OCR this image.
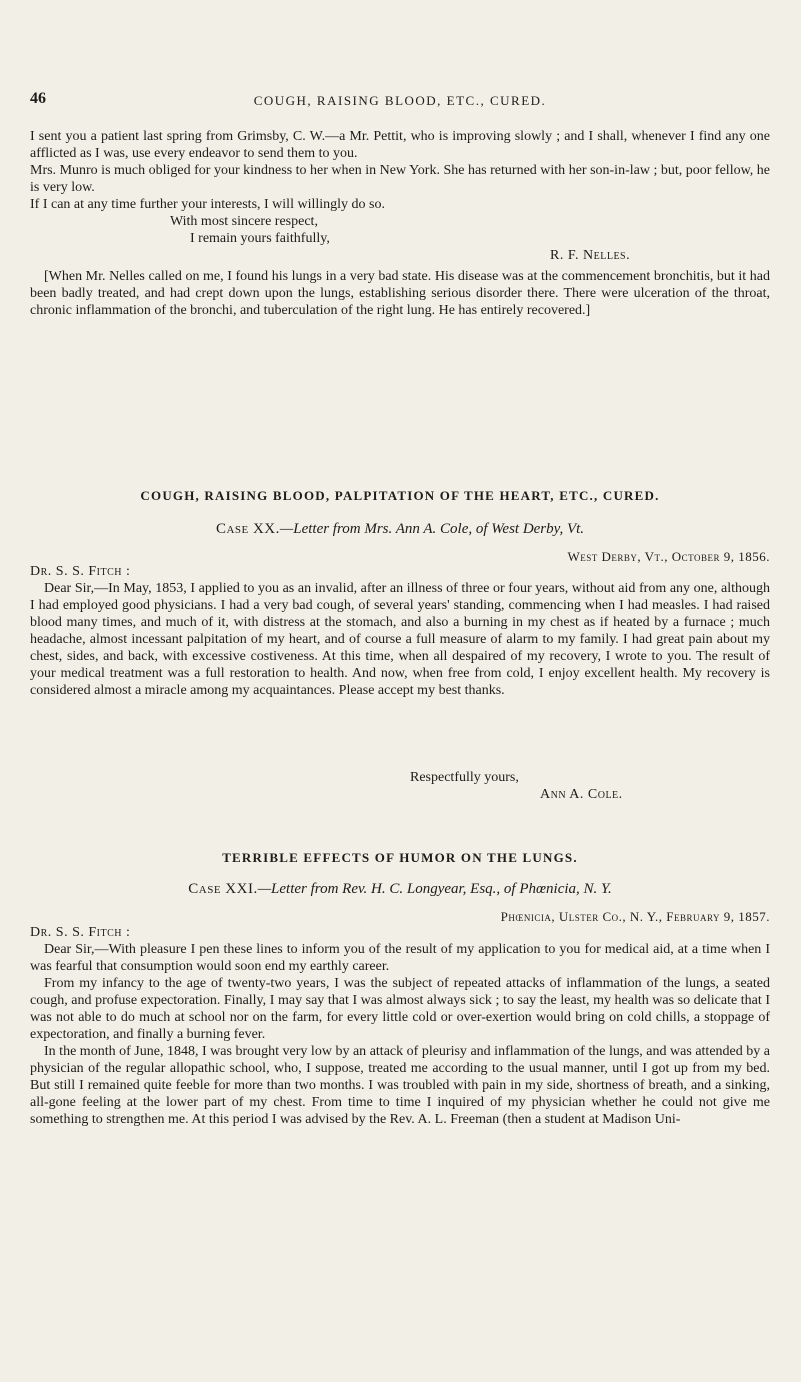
46	COUGH, RAISING BLOOD, ETC., CURED.

I sent you a patient last spring from Grimsby, C. W.—a Mr. Pettit, who is improving slowly ; and I shall, whenever I find any one afflicted as I was, use every endeavor to send them to you.

Mrs. Munro is much obliged for your kindness to her when in New York. She has returned with her son-in-law ; but, poor fellow, he is very low.

If I can at any time further your interests, I will willingly do so.

With most sincere respect,

I remain yours faithfully,

R. F. Nelles.

[When Mr. Nelles called on me, I found his lungs in a very bad state. His disease was at the commencement bronchitis, but it had been badly treated, and had crept down upon the lungs, establishing serious disorder there. There were ulceration of the throat, chronic inflammation of the bronchi, and tuberculation of the right lung. He has entirely recovered.]

COUGH, RAISING BLOOD, PALPITATION OF THE HEART, ETC., CURED.

Case XX.—Letter from Mrs. Ann A. Cole, of West Derby, Vt.

West Derby, Vt., October 9, 1856.

Dr. S. S. Fitch :

Dear Sir,—In May, 1853, I applied to you as an invalid, after an illness of three or four years, without aid from any one, although I had employed good physicians. I had a very bad cough, of several years' standing, commencing when I had measles. I had raised blood many times, and much of it, with distress at the stomach, and also a burning in my chest as if heated by a furnace ; much headache, almost incessant palpitation of my heart, and of course a full measure of alarm to my family. I had great pain about my chest, sides, and back, with excessive costiveness. At this time, when all despaired of my recovery, I wrote to you. The result of your medical treatment was a full restoration to health. And now, when free from cold, I enjoy excellent health. My recovery is considered almost a miracle among my acquaintances. Please accept my best thanks.

Respectfully yours,

Ann A. Cole.

TERRIBLE EFFECTS OF HUMOR ON THE LUNGS.

Case XXI.—Letter from Rev. H. C. Longyear, Esq., of Phœnicia, N. Y.

Phœnicia, Ulster Co., N. Y., February 9, 1857.

Dr. S. S. Fitch :

Dear Sir,—With pleasure I pen these lines to inform you of the result of my application to you for medical aid, at a time when I was fearful that consumption would soon end my earthly career.

From my infancy to the age of twenty-two years, I was the subject of repeated attacks of inflammation of the lungs, a seated cough, and profuse expectoration. Finally, I may say that I was almost always sick ; to say the least, my health was so delicate that I was not able to do much at school nor on the farm, for every little cold or over-exertion would bring on cold chills, a stoppage of expectoration, and finally a burning fever.

In the month of June, 1848, I was brought very low by an attack of pleurisy and inflammation of the lungs, and was attended by a physician of the regular allopathic school, who, I suppose, treated me according to the usual manner, until I got up from my bed. But still I remained quite feeble for more than two months. I was troubled with pain in my side, shortness of breath, and a sinking, all-gone feeling at the lower part of my chest. From time to time I inquired of my physician whether he could not give me something to strengthen me. At this period I was advised by the Rev. A. L. Freeman (then a student at Madison Uni-
